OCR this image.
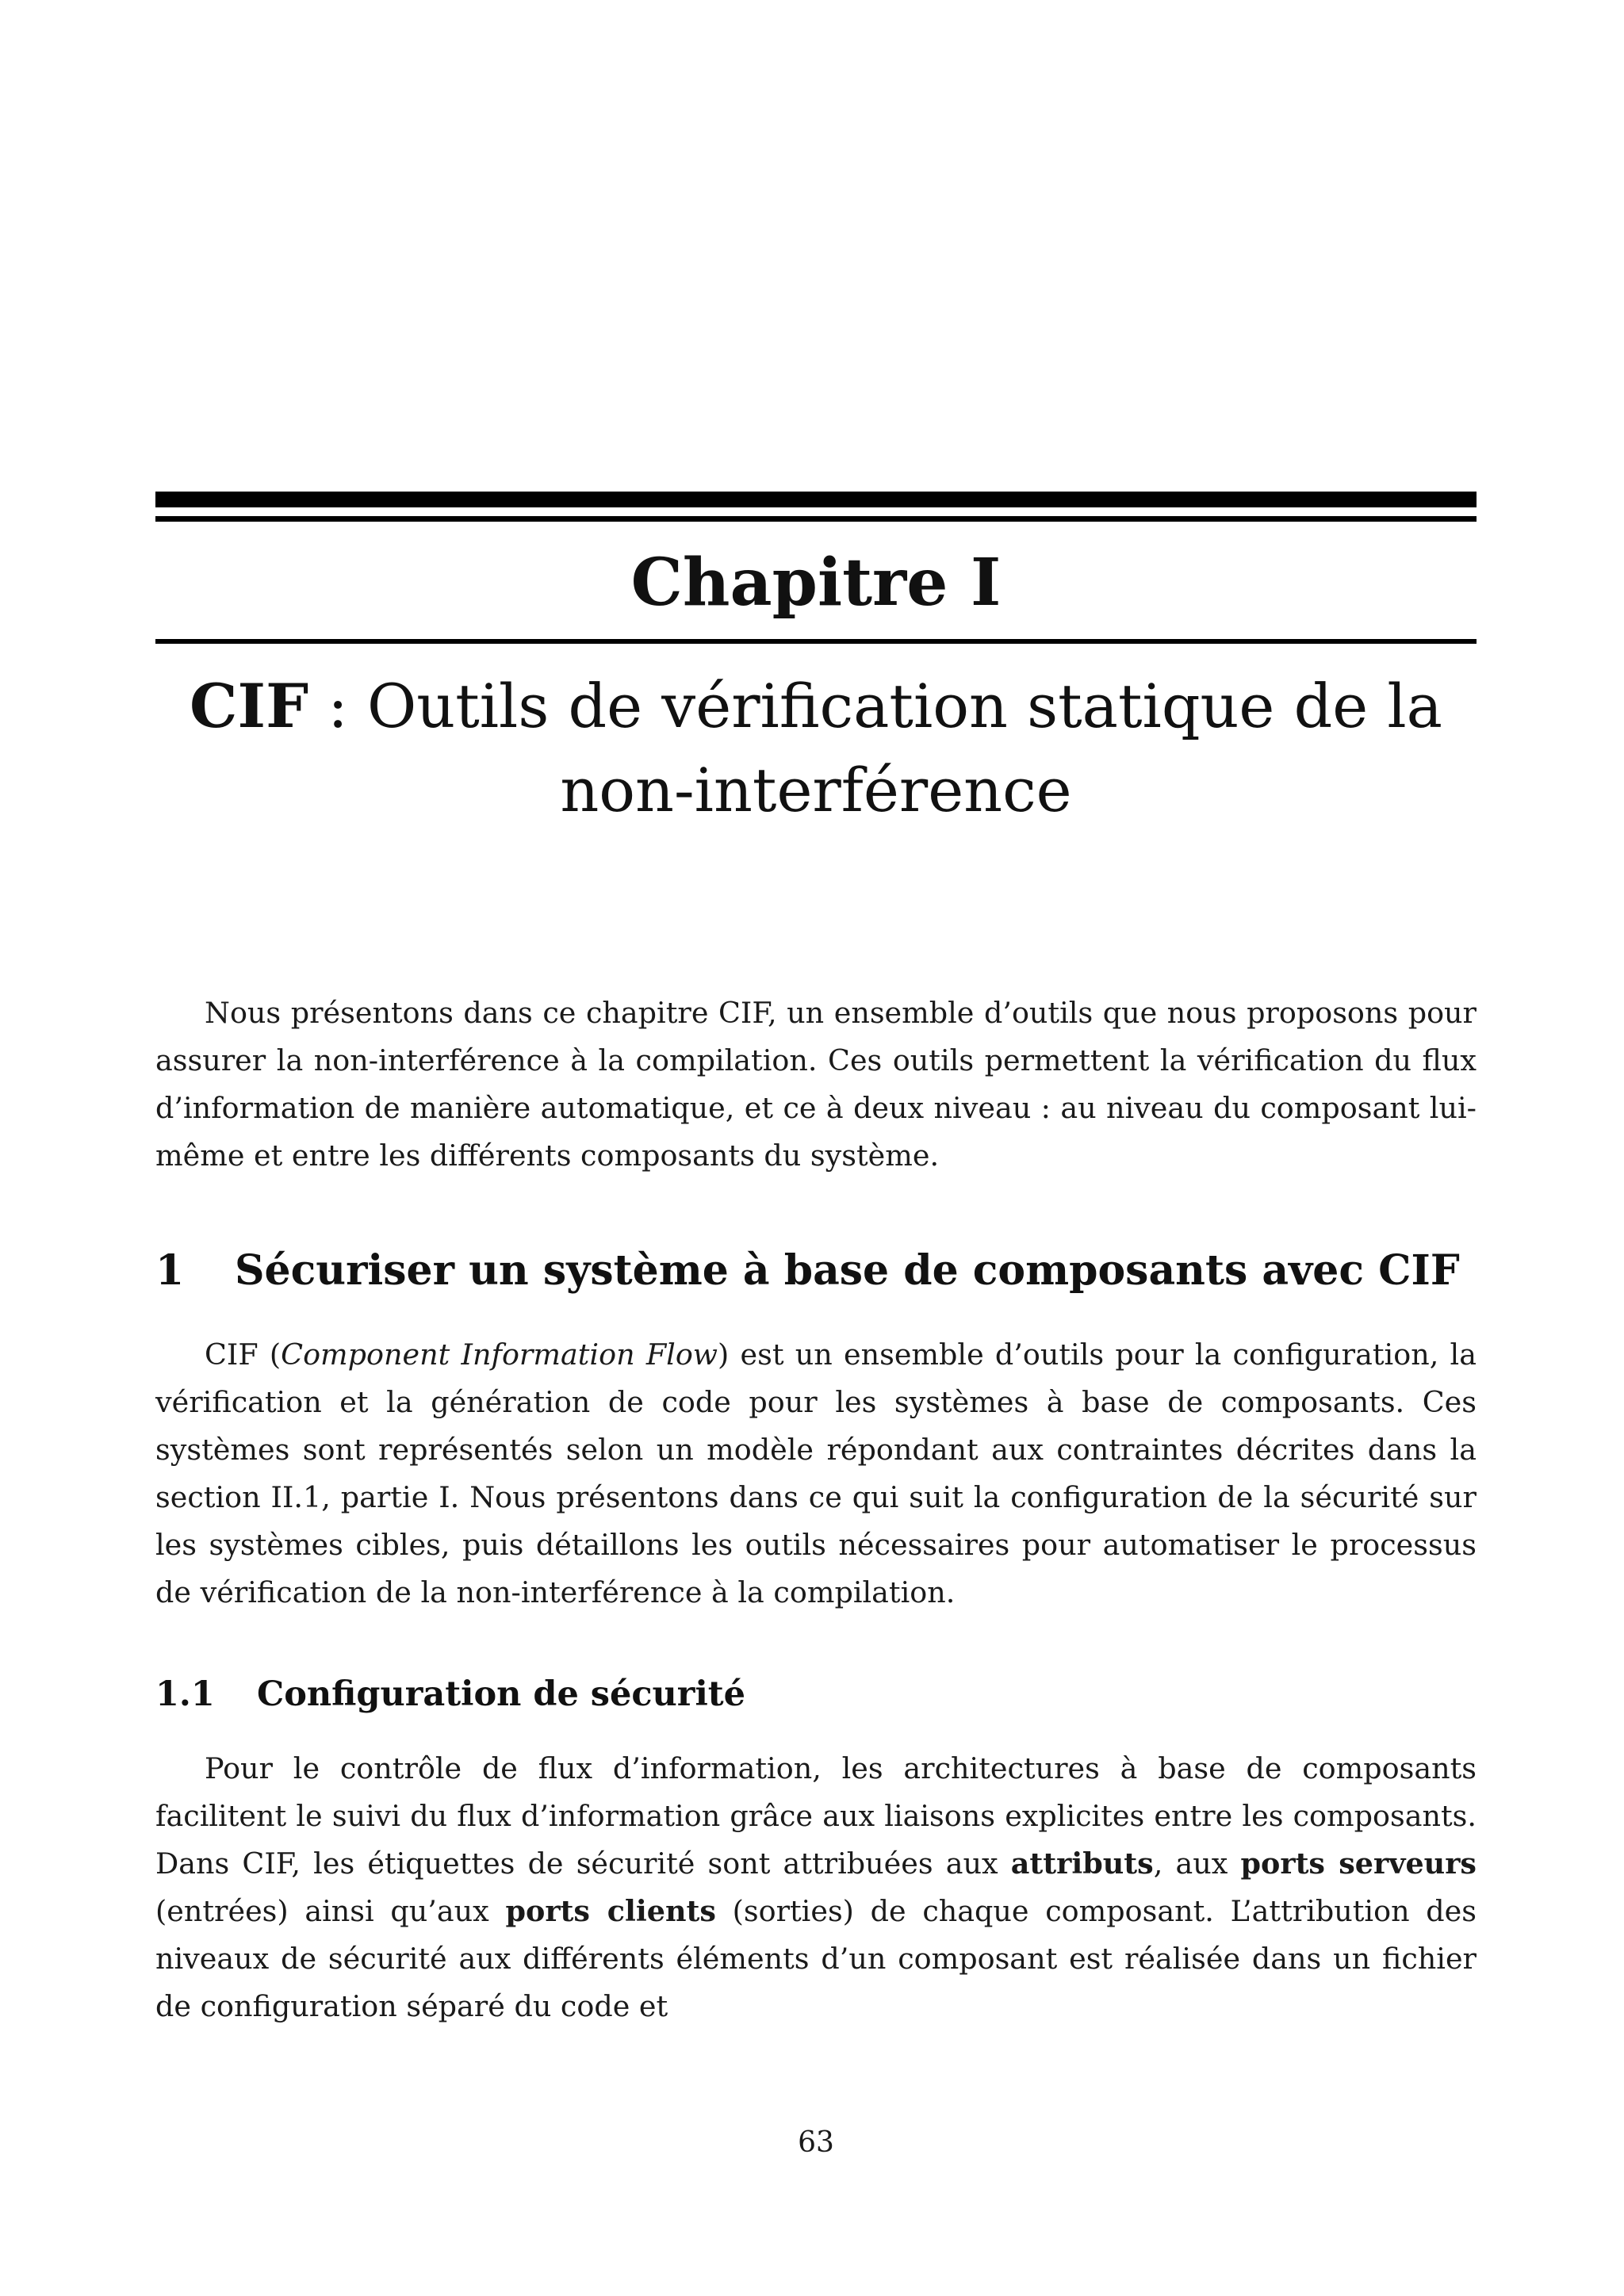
Chapitre I
CIF : Outils de vérification statique de la non-interférence

Nous présentons dans ce chapitre CIF, un ensemble d’outils que nous proposons pour assurer la non-interférence à la compilation. Ces outils permettent la vérification du flux d’information de manière automatique, et ce à deux niveau : au niveau du composant lui-même et entre les différents composants du système.

1 Sécuriser un système à base de composants avec CIF

CIF (Component Information Flow) est un ensemble d’outils pour la configuration, la vérification et la génération de code pour les systèmes à base de composants. Ces systèmes sont représentés selon un modèle répondant aux contraintes décrites dans la section II.1, partie I. Nous présentons dans ce qui suit la configuration de la sécurité sur les systèmes cibles, puis détaillons les outils nécessaires pour automatiser le processus de vérification de la non-interférence à la compilation.

1.1 Configuration de sécurité

Pour le contrôle de flux d’information, les architectures à base de composants facilitent le suivi du flux d’information grâce aux liaisons explicites entre les composants. Dans CIF, les étiquettes de sécurité sont attribuées aux attributs, aux ports serveurs (entrées) ainsi qu’aux ports clients (sorties) de chaque composant. L’attribution des niveaux de sécurité aux différents éléments d’un composant est réalisée dans un fichier de configuration séparé du code et

63
